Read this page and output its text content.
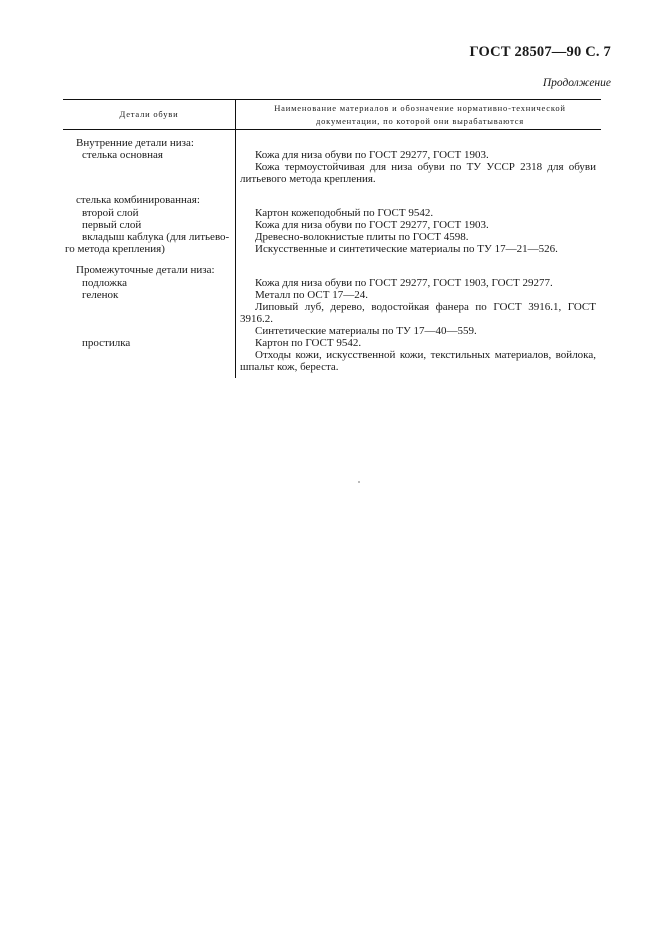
ГОСТ 28507—90 С. 7
Продолжение
Детали обуви
Наименование материалов и обозначение нормативно-технической
документации, по которой они вырабатываются
Внутренние детали низа:
стелька основная
стелька комбинированная:
второй слой
первый слой
вкладыш каблука (для литьево-
го метода крепления)
Промежуточные детали низа:
подложка
геленок
простилка
Кожа для низа обуви по ГОСТ 29277, ГОСТ 1903.
Кожа термоустойчивая для низа обуви по ТУ УССР 2318 для обуви литьевого метода крепления.
Картон кожеподобный по ГОСТ 9542.
Кожа для низа обуви по ГОСТ 29277, ГОСТ 1903.
Древесно-волокнистые плиты по ГОСТ 4598.
Искусственные и синтетические материалы по ТУ 17—21—526.
Кожа для низа обуви по ГОСТ 29277, ГОСТ 1903, ГОСТ 29277.
Металл по ОСТ 17—24.
Липовый луб, дерево, водостойкая фанера по ГОСТ 3916.1, ГОСТ 3916.2.
Синтетические материалы по ТУ 17—40—559.
Картон по ГОСТ 9542.
Отходы кожи, искусственной кожи, текстильных материалов, войлока, шпальт кож, береста.
